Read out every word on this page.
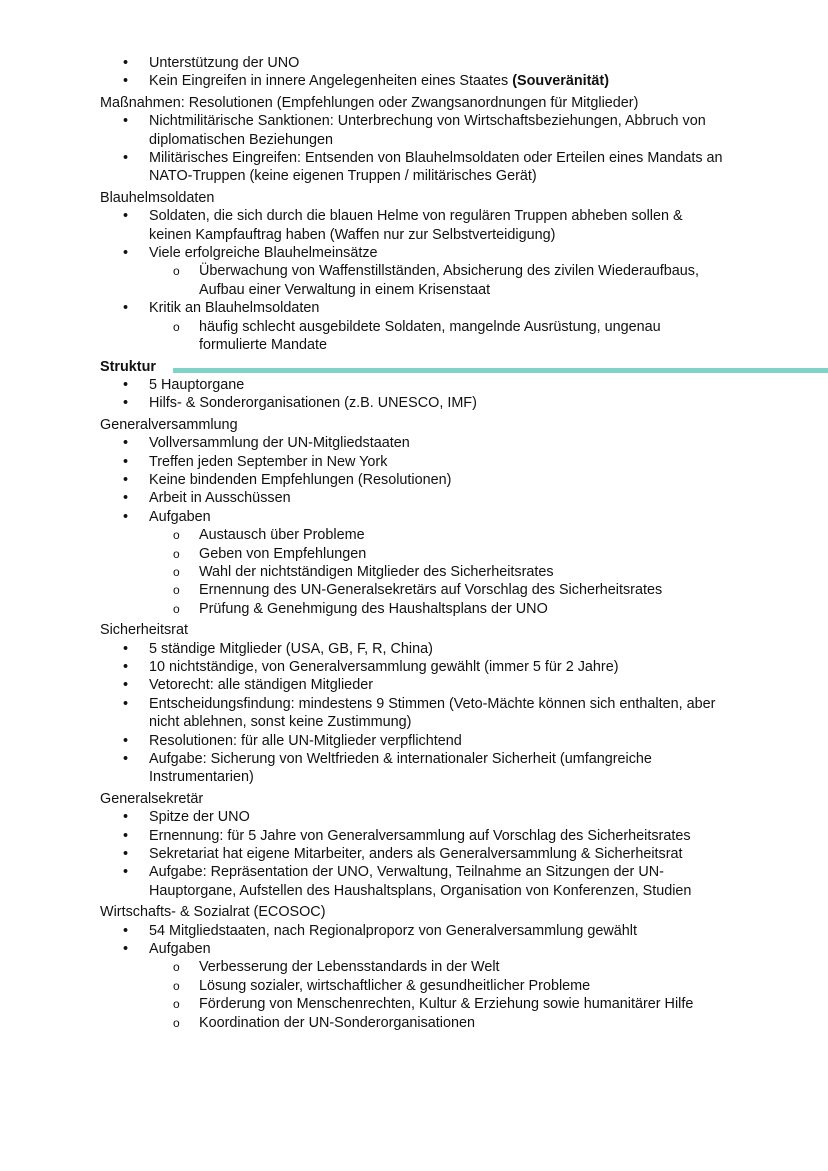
• Unterstützung der UNO
• Kein Eingreifen in innere Angelegenheiten eines Staates (Souveränität)
Maßnahmen: Resolutionen (Empfehlungen oder Zwangsanordnungen für Mitglieder)
• Nichtmilitärische Sanktionen: Unterbrechung von Wirtschaftsbeziehungen, Abbruch von diplomatischen Beziehungen
• Militärisches Eingreifen: Entsenden von Blauhelmsoldaten oder Erteilen eines Mandats an NATO-Truppen (keine eigenen Truppen / militärisches Gerät)
Blauhelmsoldaten
• Soldaten, die sich durch die blauen Helme von regulären Truppen abheben sollen & keinen Kampfauftrag haben (Waffen nur zur Selbstverteidigung)
• Viele erfolgreiche Blauhelmeinsätze
o Überwachung von Waffenstillständen, Absicherung des zivilen Wiederaufbaus, Aufbau einer Verwaltung in einem Krisenstaat
• Kritik an Blauhelmsoldaten
o häufig schlecht ausgebildete Soldaten, mangelnde Ausrüstung, ungenau formulierte Mandate
Struktur
• 5 Hauptorgane
• Hilfs- & Sonderorganisationen (z.B. UNESCO, IMF)
Generalversammlung
• Vollversammlung der UN-Mitgliedstaaten
• Treffen jeden September in New York
• Keine bindenden Empfehlungen (Resolutionen)
• Arbeit in Ausschüssen
• Aufgaben
o Austausch über Probleme
o Geben von Empfehlungen
o Wahl der nichtständigen Mitglieder des Sicherheitsrates
o Ernennung des UN-Generalsekretärs auf Vorschlag des Sicherheitsrates
o Prüfung & Genehmigung des Haushaltsplans der UNO
Sicherheitsrat
• 5 ständige Mitglieder (USA, GB, F, R, China)
• 10 nichtständige, von Generalversammlung gewählt (immer 5 für 2 Jahre)
• Vetorecht: alle ständigen Mitglieder
• Entscheidungsfindung: mindestens 9 Stimmen (Veto-Mächte können sich enthalten, aber nicht ablehnen, sonst keine Zustimmung)
• Resolutionen: für alle UN-Mitglieder verpflichtend
• Aufgabe: Sicherung von Weltfrieden & internationaler Sicherheit (umfangreiche Instrumentarien)
Generalsekretär
• Spitze der UNO
• Ernennung: für 5 Jahre von Generalversammlung auf Vorschlag des Sicherheitsrates
• Sekretariat hat eigene Mitarbeiter, anders als Generalversammlung & Sicherheitsrat
• Aufgabe: Repräsentation der UNO, Verwaltung, Teilnahme an Sitzungen der UN-Hauptorgane, Aufstellen des Haushaltsplans, Organisation von Konferenzen, Studien
Wirtschafts- & Sozialrat (ECOSOC)
• 54 Mitgliedstaaten, nach Regionalproporz von Generalversammlung gewählt
• Aufgaben
o Verbesserung der Lebensstandards in der Welt
o Lösung sozialer, wirtschaftlicher & gesundheitlicher Probleme
o Förderung von Menschenrechten, Kultur & Erziehung sowie humanitärer Hilfe
o Koordination der UN-Sonderorganisationen
